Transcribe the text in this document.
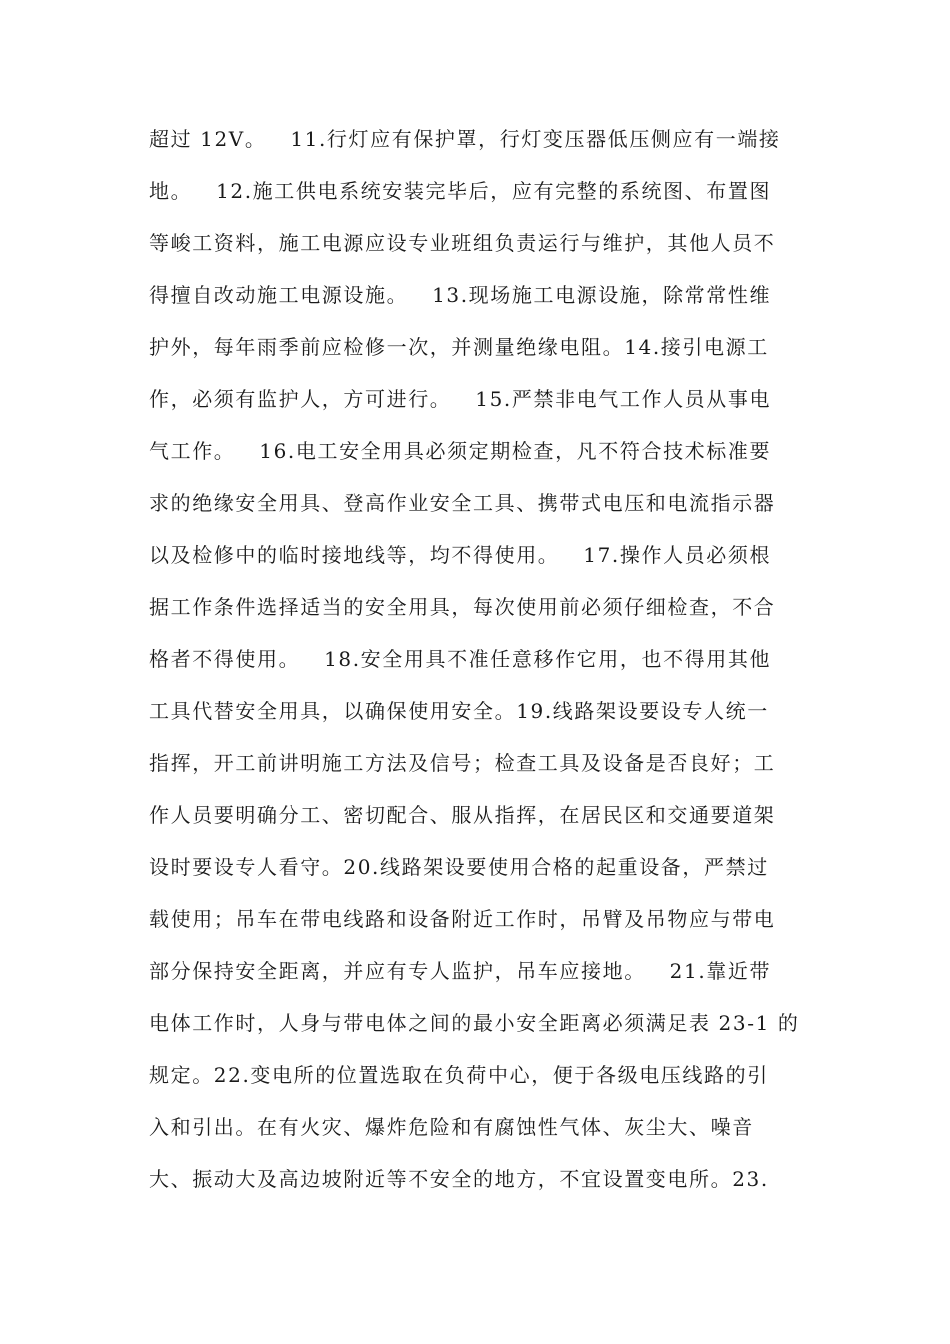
超过 12V。   11.行灯应有保护罩，行灯变压器低压侧应有一端接
地。   12.施工供电系统安装完毕后，应有完整的系统图、布置图
等峻工资料，施工电源应设专业班组负责运行与维护，其他人员不
得擅自改动施工电源设施。   13.现场施工电源设施，除常常性维
护外，每年雨季前应检修一次，并测量绝缘电阻。14.接引电源工
作，必须有监护人，方可进行。   15.严禁非电气工作人员从事电
气工作。   16.电工安全用具必须定期检查，凡不符合技术标准要
求的绝缘安全用具、登高作业安全工具、携带式电压和电流指示器
以及检修中的临时接地线等，均不得使用。   17.操作人员必须根
据工作条件选择适当的安全用具，每次使用前必须仔细检查，不合
格者不得使用。   18.安全用具不准任意移作它用，也不得用其他
工具代替安全用具，以确保使用安全。19.线路架设要设专人统一
指挥，开工前讲明施工方法及信号；检查工具及设备是否良好；工
作人员要明确分工、密切配合、服从指挥，在居民区和交通要道架
设时要设专人看守。20.线路架设要使用合格的起重设备，严禁过
载使用；吊车在带电线路和设备附近工作时，吊臂及吊物应与带电
部分保持安全距离，并应有专人监护，吊车应接地。   21.靠近带
电体工作时，人身与带电体之间的最小安全距离必须满足表 23-1 的
规定。22.变电所的位置选取在负荷中心，便于各级电压线路的引
入和引出。在有火灾、爆炸危险和有腐蚀性气体、灰尘大、噪音
大、振动大及高边坡附近等不安全的地方，不宜设置变电所。23.
